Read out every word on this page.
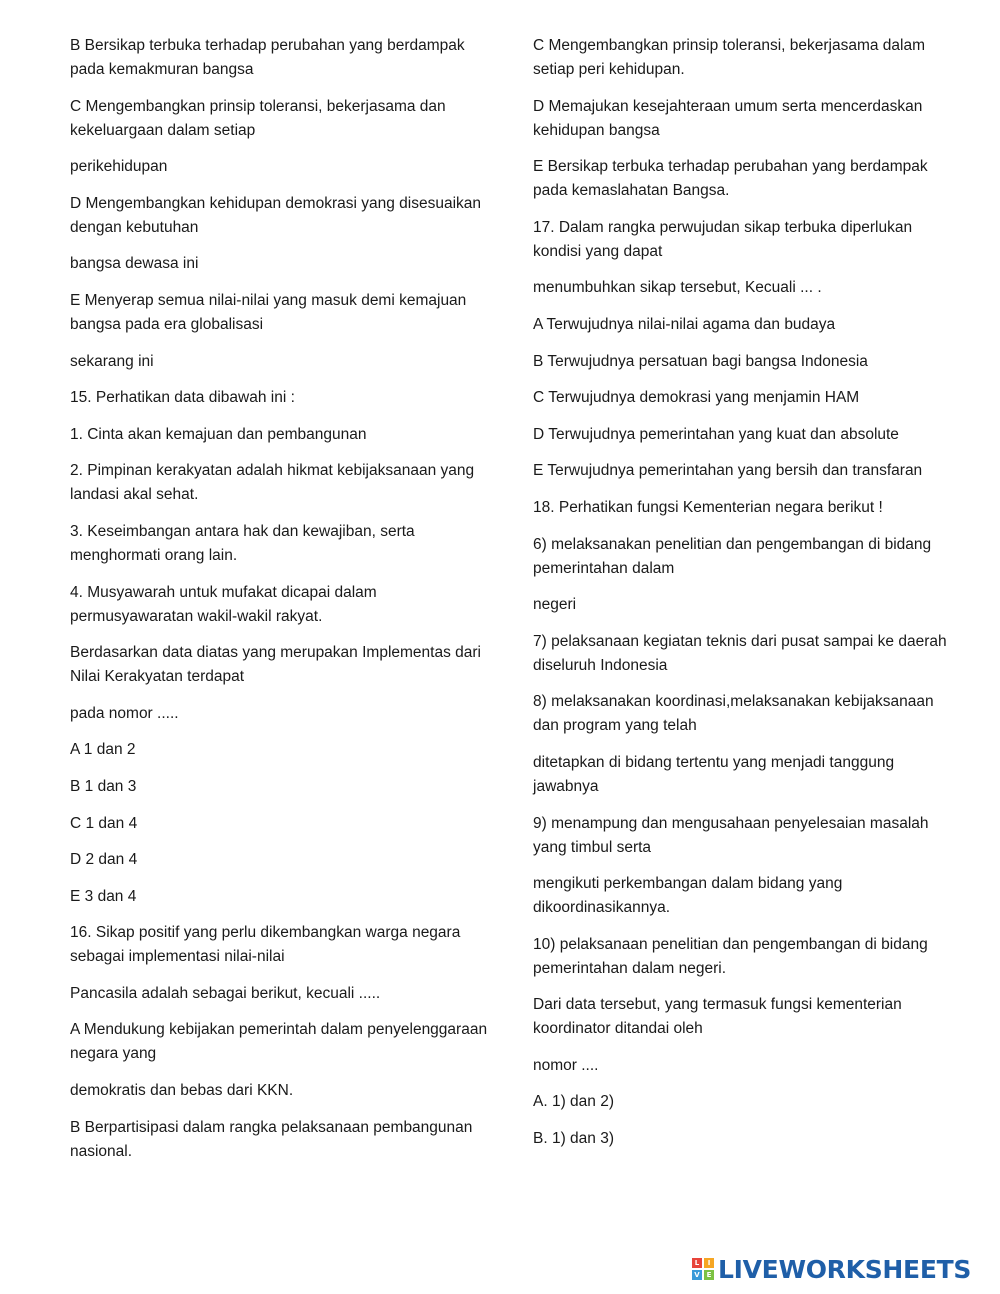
B Bersikap terbuka terhadap perubahan yang berdampak pada kemakmuran bangsa

C Mengembangkan prinsip toleransi, bekerjasama dan kekeluargaan dalam setiap

perikehidupan

D Mengembangkan kehidupan demokrasi yang disesuaikan dengan kebutuhan

bangsa dewasa ini

E Menyerap semua nilai-nilai yang masuk demi kemajuan bangsa pada era globalisasi

sekarang ini

15. Perhatikan data dibawah ini :

1. Cinta akan kemajuan dan pembangunan

2. Pimpinan kerakyatan adalah hikmat kebijaksanaan yang landasi akal sehat.

3. Keseimbangan antara hak dan kewajiban, serta menghormati orang lain.

4. Musyawarah untuk mufakat dicapai dalam permusyawaratan wakil-wakil rakyat.

Berdasarkan data diatas yang merupakan Implementas dari Nilai Kerakyatan terdapat

pada nomor .....

A 1 dan 2

B 1 dan 3

C 1 dan 4

D 2 dan 4

E 3 dan 4

16. Sikap positif yang perlu dikembangkan warga negara sebagai implementasi nilai-nilai

Pancasila adalah sebagai berikut, kecuali .....

A Mendukung kebijakan pemerintah dalam penyelenggaraan negara yang

demokratis dan bebas dari KKN.

B Berpartisipasi dalam rangka pelaksanaan pembangunan nasional.

C Mengembangkan prinsip toleransi, bekerjasama dalam setiap peri kehidupan.

D Memajukan kesejahteraan umum serta mencerdaskan kehidupan bangsa

E Bersikap terbuka terhadap perubahan yang berdampak pada kemaslahatan Bangsa.

17. Dalam rangka perwujudan sikap terbuka diperlukan kondisi yang dapat

menumbuhkan sikap tersebut, Kecuali ... .

A Terwujudnya nilai-nilai agama dan budaya

B Terwujudnya persatuan bagi bangsa Indonesia

C Terwujudnya demokrasi yang menjamin HAM

D Terwujudnya pemerintahan yang kuat dan absolute

E Terwujudnya pemerintahan yang bersih dan transfaran

18. Perhatikan fungsi Kementerian negara berikut !

6) melaksanakan penelitian dan pengembangan di bidang pemerintahan dalam

negeri

7) pelaksanaan kegiatan teknis dari pusat sampai ke daerah diseluruh Indonesia

8) melaksanakan koordinasi,melaksanakan kebijaksanaan dan program yang telah

ditetapkan di bidang tertentu yang menjadi tanggung jawabnya

9) menampung dan mengusahaan penyelesaian masalah yang timbul serta

mengikuti perkembangan dalam bidang yang dikoordinasikannya.

10) pelaksanaan penelitian dan pengembangan di bidang pemerintahan dalam negeri.

Dari data tersebut, yang termasuk fungsi kementerian koordinator ditandai oleh

nomor ....

A. 1) dan 2)

B. 1) dan 3)

L	I
V E LIVEWORKSHEETS
